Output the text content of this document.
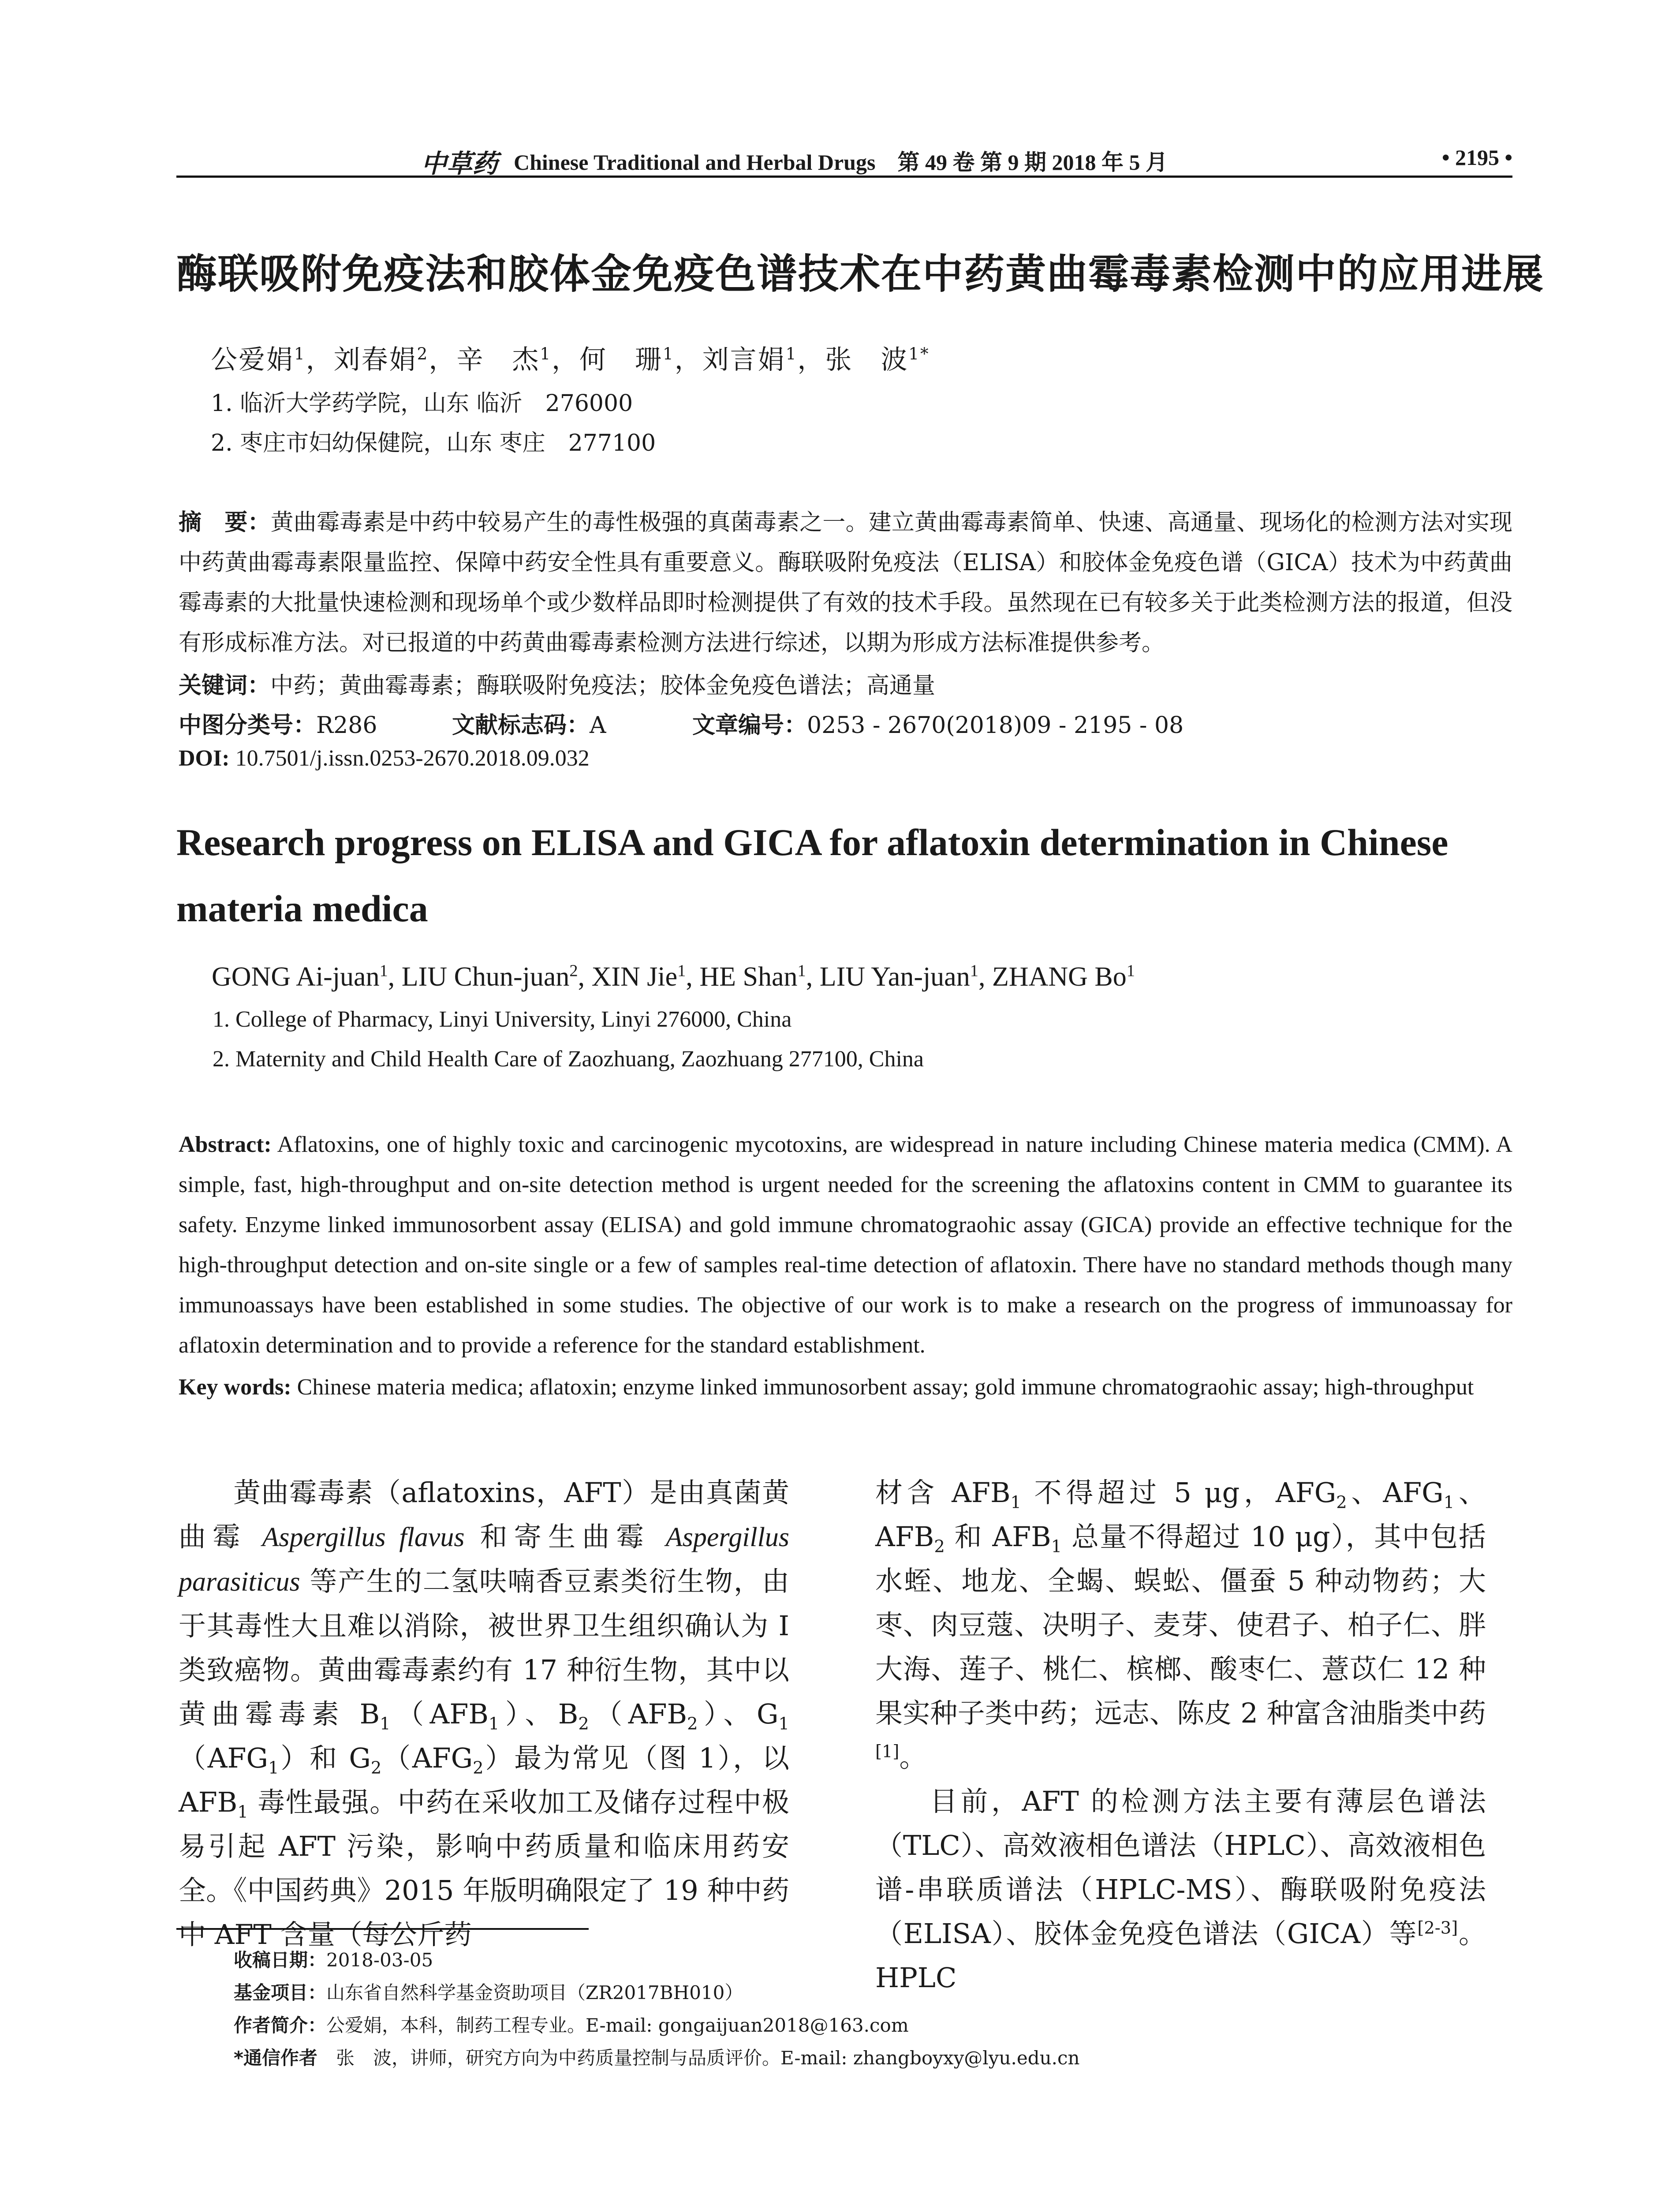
中草药 Chinese Traditional and Herbal Drugs　第 49 卷 第 9 期 2018 年 5 月	• 2195 •
酶联吸附免疫法和胶体金免疫色谱技术在中药黄曲霉毒素检测中的应用进展
公爱娟$^1$，刘春娟$^2$，辛　杰$^1$，何　珊$^1$，刘言娟$^1$，张　波$^{1*}$
1. 临沂大学药学院，山东 临沂　276000
2. 枣庄市妇幼保健院，山东 枣庄　277100
摘　要：黄曲霉毒素是中药中较易产生的毒性极强的真菌毒素之一。建立黄曲霉毒素简单、快速、高通量、现场化的检测方法对实现中药黄曲霉毒素限量监控、保障中药安全性具有重要意义。酶联吸附免疫法（ELISA）和胶体金免疫色谱（GICA）技术为中药黄曲霉毒素的大批量快速检测和现场单个或少数样品即时检测提供了有效的技术手段。虽然现在已有较多关于此类检测方法的报道，但没有形成标准方法。对已报道的中药黄曲霉毒素检测方法进行综述，以期为形成方法标准提供参考。
关键词：中药；黄曲霉毒素；酶联吸附免疫法；胶体金免疫色谱法；高通量
中图分类号：R286	文献标志码：A	文章编号：0253 - 2670(2018)09 - 2195 - 08
DOI: 10.7501/j.issn.0253-2670.2018.09.032
Research progress on ELISA and GICA for aflatoxin determination in Chinese materia medica
GONG Ai-juan$^1$, LIU Chun-juan$^2$, XIN Jie$^1$, HE Shan$^1$, LIU Yan-juan$^1$, ZHANG Bo$^1$
1. College of Pharmacy, Linyi University, Linyi 276000, China
2. Maternity and Child Health Care of Zaozhuang, Zaozhuang 277100, China
Abstract: Aflatoxins, one of highly toxic and carcinogenic mycotoxins, are widespread in nature including Chinese materia medica (CMM). A simple, fast, high-throughput and on-site detection method is urgent needed for the screening the aflatoxins content in CMM to guarantee its safety. Enzyme linked immunosorbent assay (ELISA) and gold immune chromatograohic assay (GICA) provide an effective technique for the high-throughput detection and on-site single or a few of samples real-time detection of aflatoxin. There have no standard methods though many immunoassays have been established in some studies. The objective of our work is to make a research on the progress of immunoassay for aflatoxin determination and to provide a reference for the standard establishment.
Key words: Chinese materia medica; aflatoxin; enzyme linked immunosorbent assay; gold immune chromatograohic assay; high-throughput

黄曲霉毒素（aflatoxins，AFT）是由真菌黄曲霉 Aspergillus flavus 和寄生曲霉 Aspergillus parasiticus 等产生的二氢呋喃香豆素类衍生物，由于其毒性大且难以消除，被世界卫生组织确认为 I 类致癌物。黄曲霉毒素约有 17 种衍生物，其中以黄曲霉毒素 $B_1(AFB_1)$、$B_2(AFB_2)$、$G_1(AFG_1)$和 $G_2(AFG_2)$最为常见（图 1），以 $AFB_1$ 毒性最强。中药在采收加工及储存过程中极易引起 AFT 污染，影响中药质量和临床用药安全。《中国药典》2015 年版明确限定了 19 种中药中 AFT 含量（每公斤药

材含 $AFB_1$ 不得超过 5 μg，$AFG_2$、$AFG_1$、$AFB_2$ 和 $AFB_1$ 总量不得超过 10 μg），其中包括水蛭、地龙、全蝎、蜈蚣、僵蚕 5 种动物药；大枣、肉豆蔻、决明子、麦芽、使君子、柏子仁、胖大海、莲子、桃仁、槟榔、酸枣仁、薏苡仁 12 种果实种子类中药；远志、陈皮 2 种富含油脂类中药[1]。

目前，AFT 的检测方法主要有薄层色谱法（TLC）、高效液相色谱法（HPLC）、高效液相色谱-串联质谱法（HPLC-MS）、酶联吸附免疫法（ELISA）、胶体金免疫色谱法（GICA）等[2-3]。HPLC

收稿日期：2018-03-05
基金项目：山东省自然科学基金资助项目（ZR2017BH010）
作者简介：公爱娟，本科，制药工程专业。E-mail: gongaijuan2018@163.com
*通信作者　张　波，讲师，研究方向为中药质量控制与品质评价。E-mail: zhangboyxy@lyu.edu.cn
